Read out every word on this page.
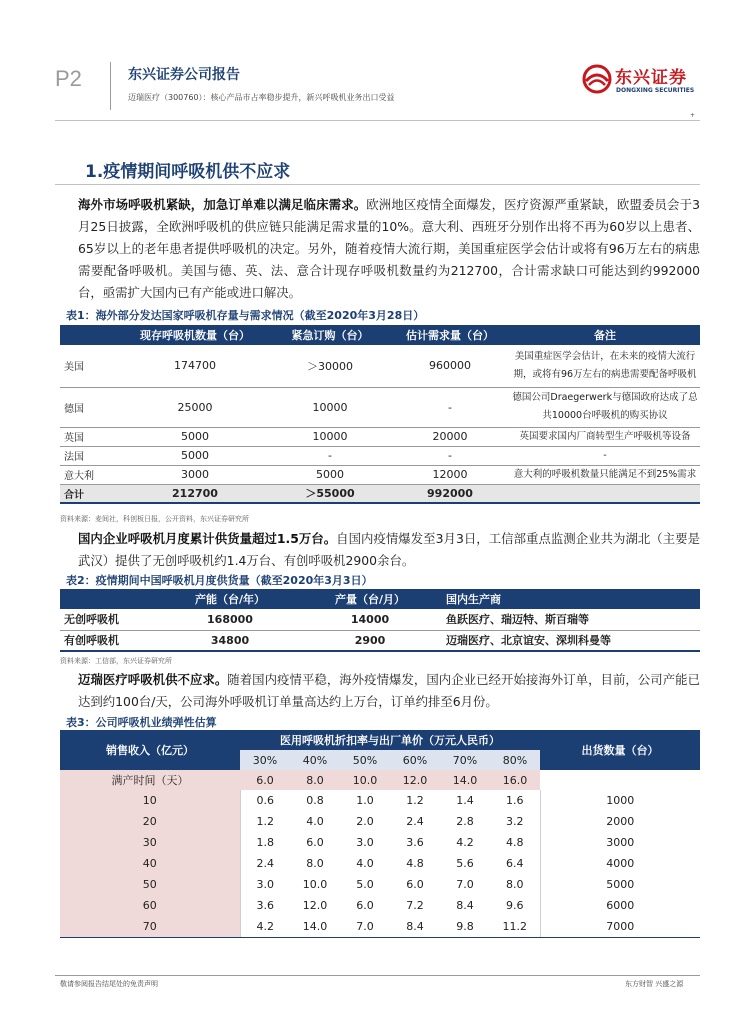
P2	东兴证券公司报告
迈瑞医疗（300760）：核心产品市占率稳步提升，新兴呼吸机业务出口受益
东兴证券
DONGXING SECURITIES
+
1.疫情期间呼吸机供不应求
海外市场呼吸机紧缺，加急订单难以满足临床需求。欧洲地区疫情全面爆发，医疗资源严重紧缺，欧盟委员会于3月25日披露，全欧洲呼吸机的供应链只能满足需求量的10%。意大利、西班牙分别作出将不再为60岁以上患者、65岁以上的老年患者提供呼吸机的决定。另外，随着疫情大流行期，美国重症医学会估计或将有96万左右的病患需要配备呼吸机。美国与德、英、法、意合计现存呼吸机数量约为212700，合计需求缺口可能达到约992000台，亟需扩大国内已有产能或进口解决。
表1：海外部分发达国家呼吸机存量与需求情况（截至2020年3月28日）
	现存呼吸机数量（台）	紧急订购（台）	估计需求量（台）	备注
美国	174700	＞30000	960000	美国重症医学会估计，在未来的疫情大流行期，或将有96万左右的病患需要配备呼吸机
德国	25000	10000	-	德国公司Draegerwerk与德国政府达成了总共10000台呼吸机的购买协议
英国	5000	10000	20000	英国要求国内厂商转型生产呼吸机等设备
法国	5000	-	-	-
意大利	3000	5000	12000	意大利的呼吸机数量只能满足不到25%需求
合计	212700	＞55000	992000	
资料来源：麦间社，科创板日报，公开资料，东兴证券研究所
国内企业呼吸机月度累计供货量超过1.5万台。自国内疫情爆发至3月3日，工信部重点监测企业共为湖北（主要是武汉）提供了无创呼吸机约1.4万台、有创呼吸机2900余台。
表2：疫情期间中国呼吸机月度供货量（截至2020年3月3日）
	产能（台/年）	产量（台/月）	国内生产商
无创呼吸机	168000	14000	鱼跃医疗、瑞迈特、斯百瑞等
有创呼吸机	34800	2900	迈瑞医疗、北京谊安、深圳科曼等
资料来源：工信部，东兴证券研究所
迈瑞医疗呼吸机供不应求。随着国内疫情平稳，海外疫情爆发，国内企业已经开始接海外订单，目前，公司产能已达到约100台/天，公司海外呼吸机订单量高达约上万台，订单约排至6月份。
表3：公司呼吸机业绩弹性估算
销售收入（亿元）	医用呼吸机折扣率与出厂单价（万元人民币）						出货数量（台）
	30%	40%	50%	60%	70%	80%	
满产时间（天）	6.0	8.0	10.0	12.0	14.0	16.0	
10	0.6	0.8	1.0	1.2	1.4	1.6	1000
20	1.2	4.0	2.0	2.4	2.8	3.2	2000
30	1.8	6.0	3.0	3.6	4.2	4.8	3000
40	2.4	8.0	4.0	4.8	5.6	6.4	4000
50	3.0	10.0	5.0	6.0	7.0	8.0	5000
60	3.6	12.0	6.0	7.2	8.4	9.6	6000
70	4.2	14.0	7.0	8.4	9.8	11.2	7000
敬请参阅报告结尾处的免责声明	东方财智 兴盛之源
